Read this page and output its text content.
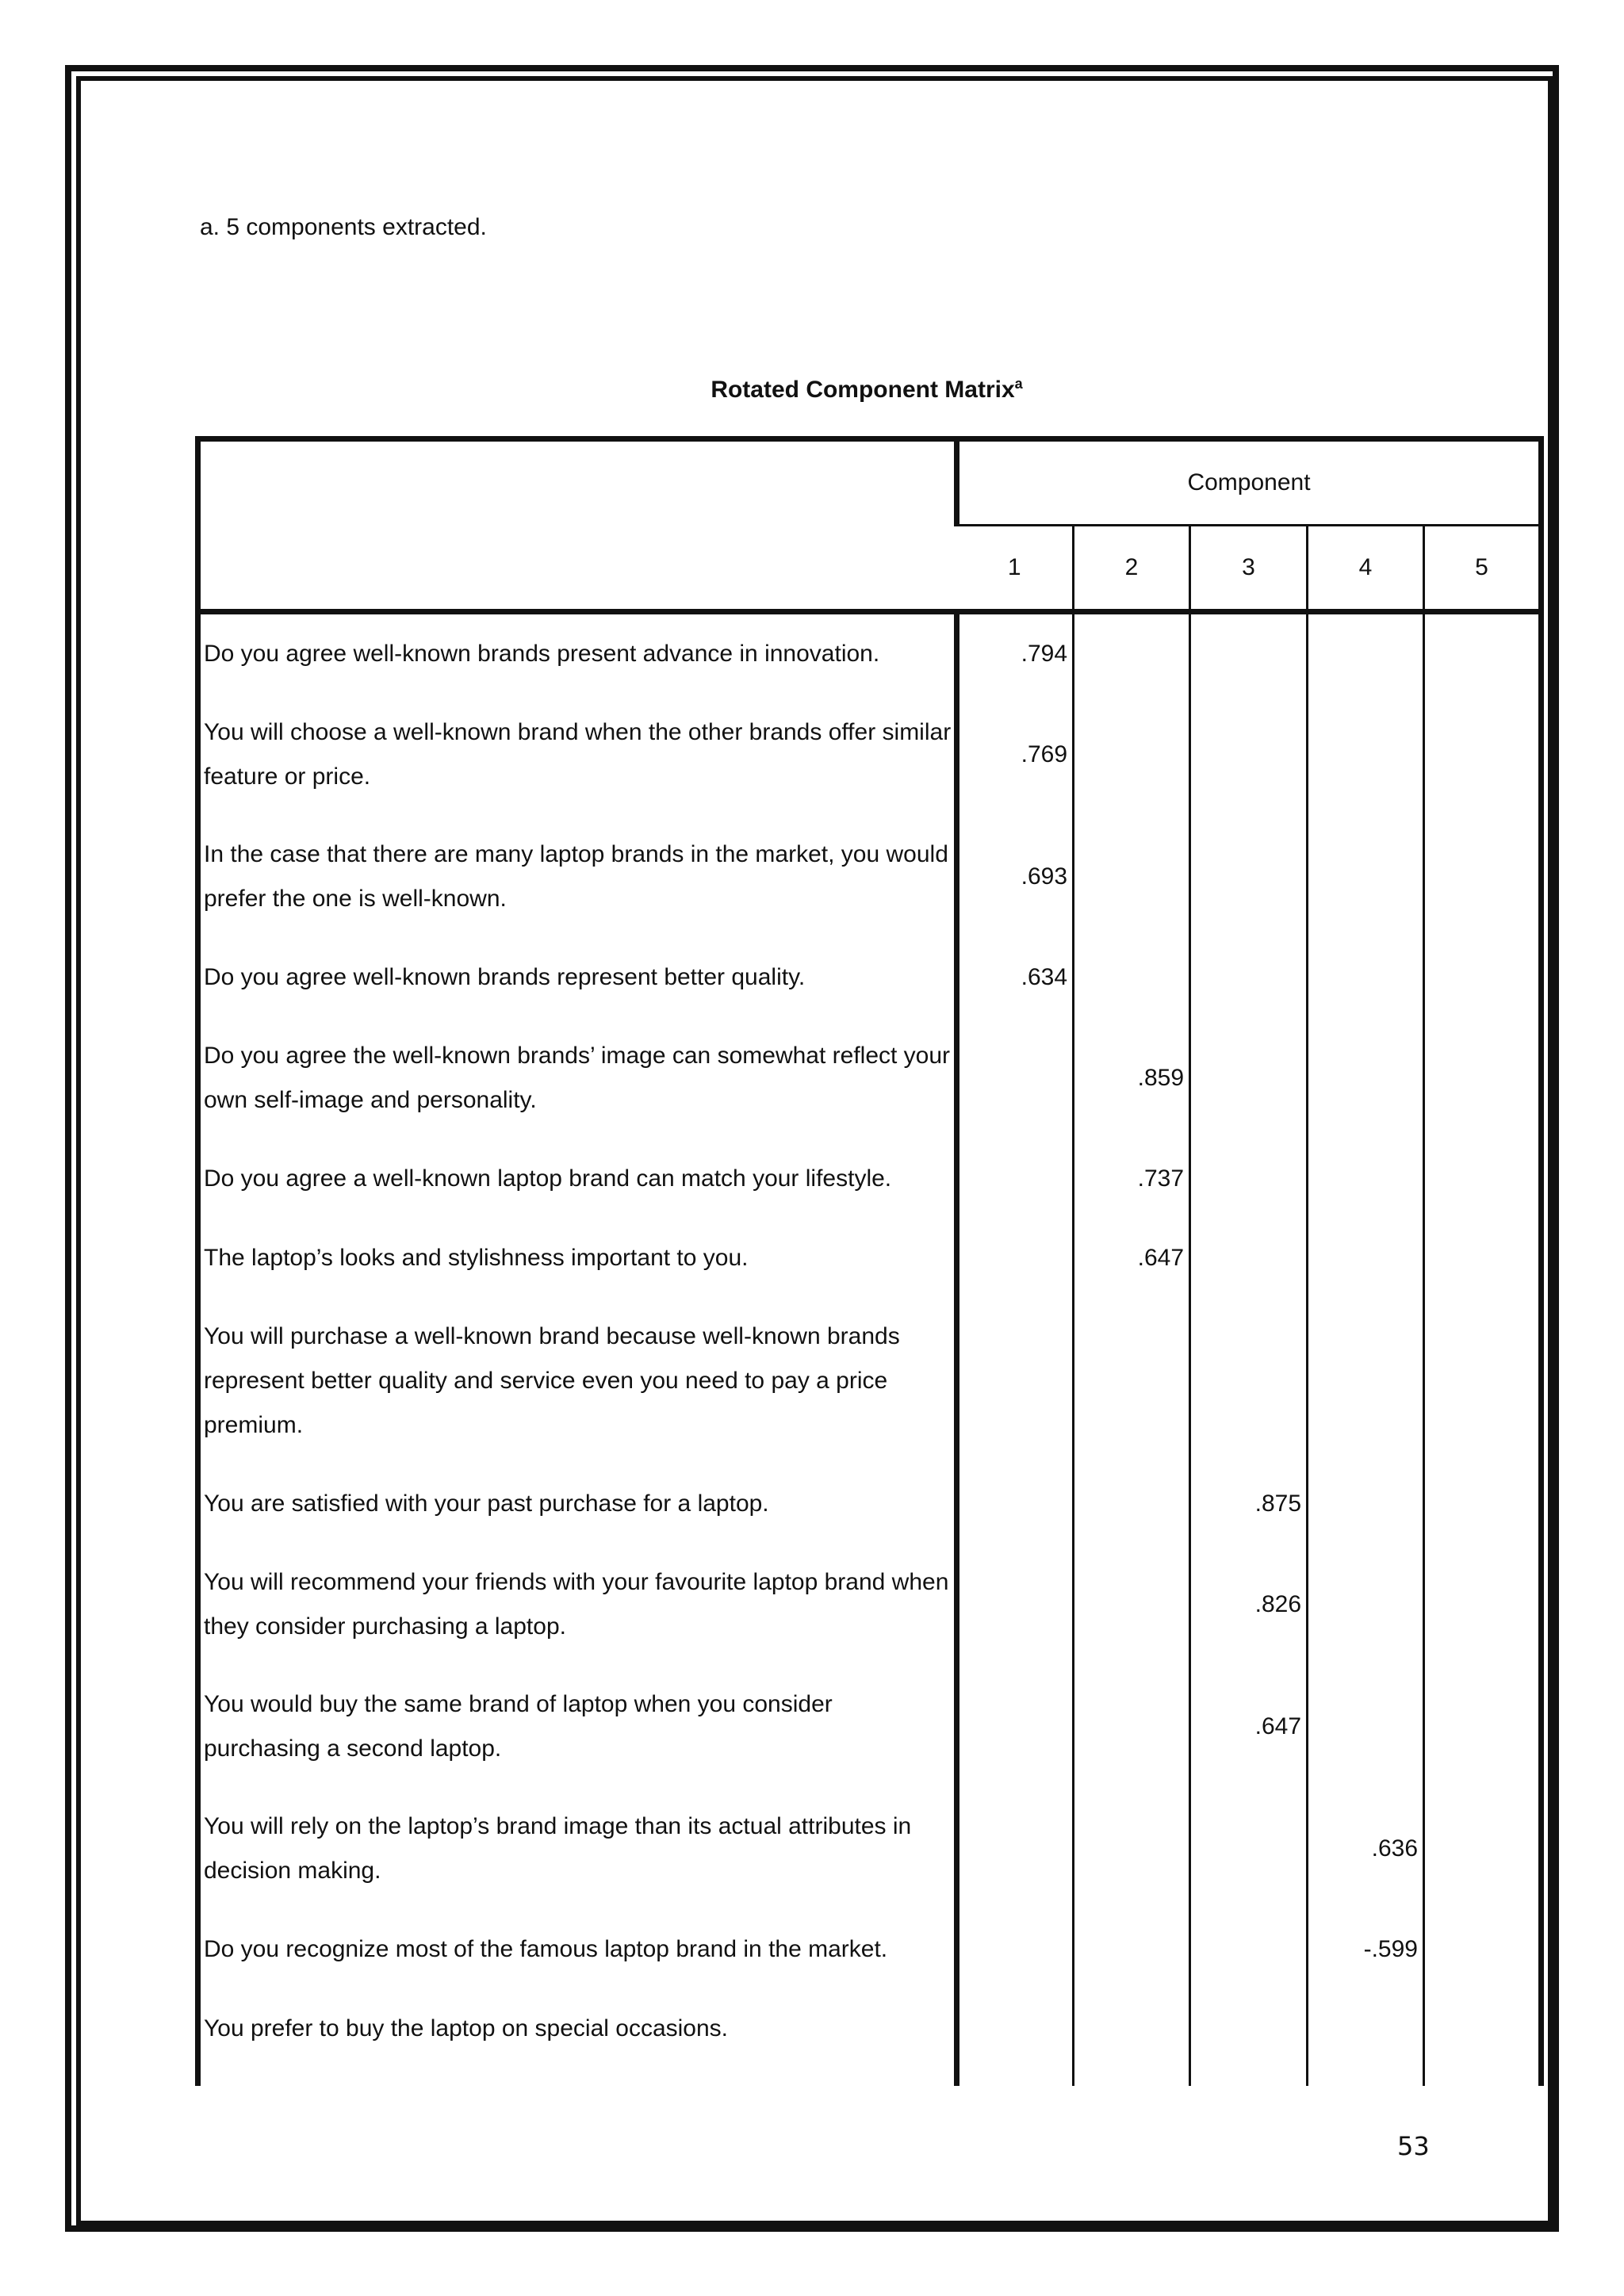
a. 5 components extracted.
Rotated Component Matrix$^a$
	Component				
	1	2	3	4	5
Do you agree well-known brands present advance in innovation.	.794				
You will choose a well-known brand when the other brands offer similar feature or price.	.769				
In the case that there are many laptop brands in the market, you would prefer the one is well-known.	.693				
Do you agree well-known brands represent better quality.	.634				
Do you agree the well-known brands’ image can somewhat reflect your own self-image and personality.		.859			
Do you agree a well-known laptop brand can match your lifestyle.		.737			
The laptop’s looks and stylishness important to you.		.647			
You will purchase a well-known brand because well-known brands represent better quality and service even you need to pay a price premium.					
You are satisfied with your past purchase for a laptop.			.875		
You will recommend your friends with your favourite laptop brand when they consider purchasing a laptop.			.826		
You would buy the same brand of laptop when you consider purchasing a second laptop.			.647		
You will rely on the laptop’s brand image than its actual attributes in decision making.				.636	
Do you recognize most of the famous laptop brand in the market.				-.599	
You prefer to buy the laptop on special occasions.					
53
